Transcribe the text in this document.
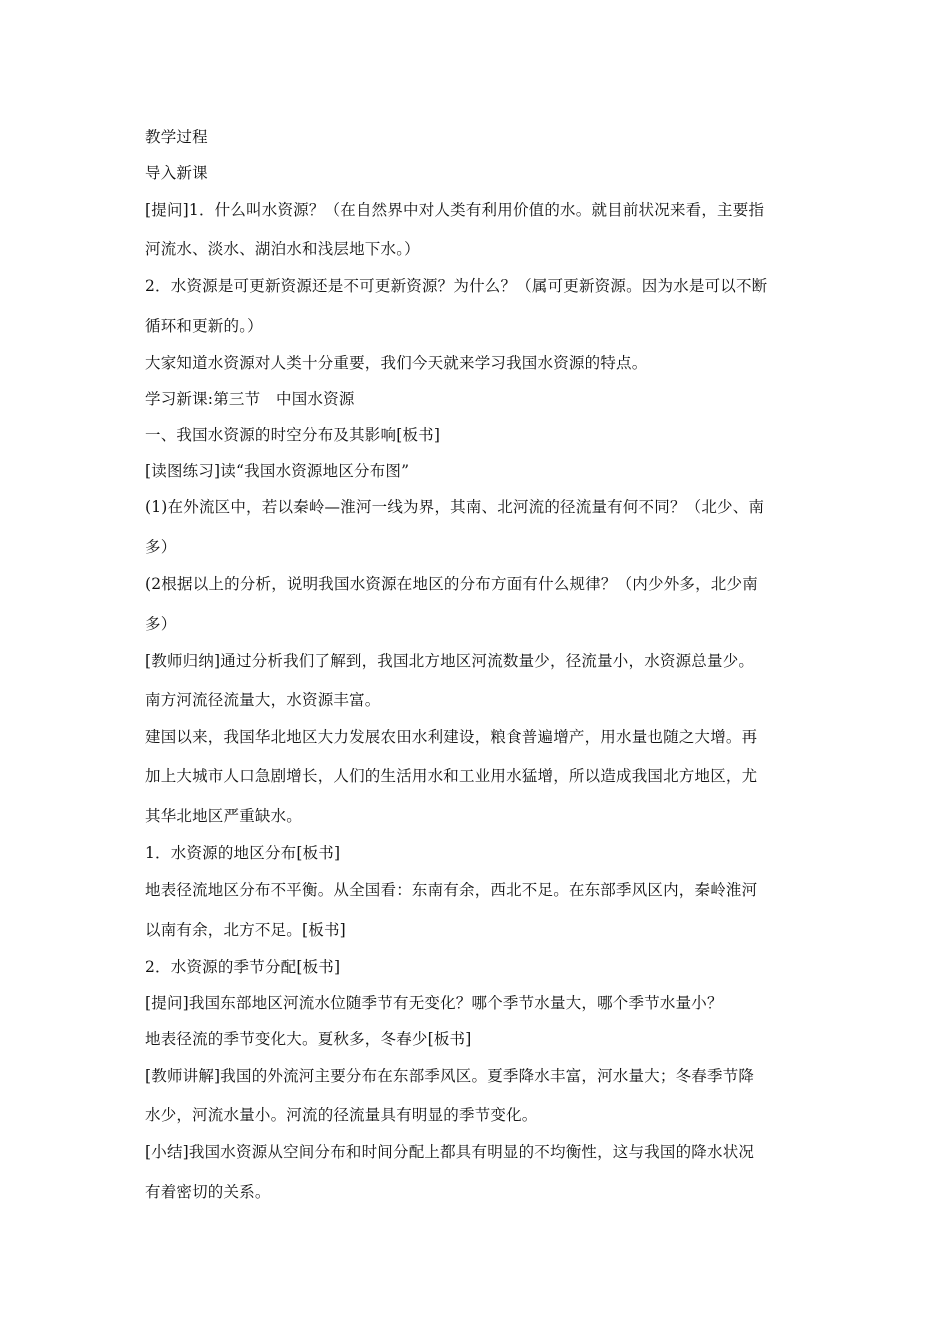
教学过程
导入新课
[提问]1．什么叫水资源？（在自然界中对人类有利用价值的水。就目前状况来看，主要指
河流水、淡水、湖泊水和浅层地下水。）
2．水资源是可更新资源还是不可更新资源？为什么？（属可更新资源。因为水是可以不断
循环和更新的。）
大家知道水资源对人类十分重要，我们今天就来学习我国水资源的特点。
学习新课:第三节　中国水资源
一、我国水资源的时空分布及其影响[板书]
[读图练习]读“我国水资源地区分布图”
(1)在外流区中，若以秦岭—淮河一线为界，其南、北河流的径流量有何不同？（北少、南
多）
(2根据以上的分析，说明我国水资源在地区的分布方面有什么规律？（内少外多，北少南
多）
[教师归纳]通过分析我们了解到，我国北方地区河流数量少，径流量小，水资源总量少。
南方河流径流量大，水资源丰富。
建国以来，我国华北地区大力发展农田水利建设，粮食普遍增产，用水量也随之大增。再
加上大城市人口急剧增长，人们的生活用水和工业用水猛增，所以造成我国北方地区，尤
其华北地区严重缺水。
1．水资源的地区分布[板书]
地表径流地区分布不平衡。从全国看：东南有余，西北不足。在东部季风区内，秦岭淮河
以南有余，北方不足。[板书]
2．水资源的季节分配[板书]
[提问]我国东部地区河流水位随季节有无变化？哪个季节水量大，哪个季节水量小？
地表径流的季节变化大。夏秋多，冬春少[板书]
[教师讲解]我国的外流河主要分布在东部季风区。夏季降水丰富，河水量大；冬春季节降
水少，河流水量小。河流的径流量具有明显的季节变化。
[小结]我国水资源从空间分布和时间分配上都具有明显的不均衡性，这与我国的降水状况
有着密切的关系。
